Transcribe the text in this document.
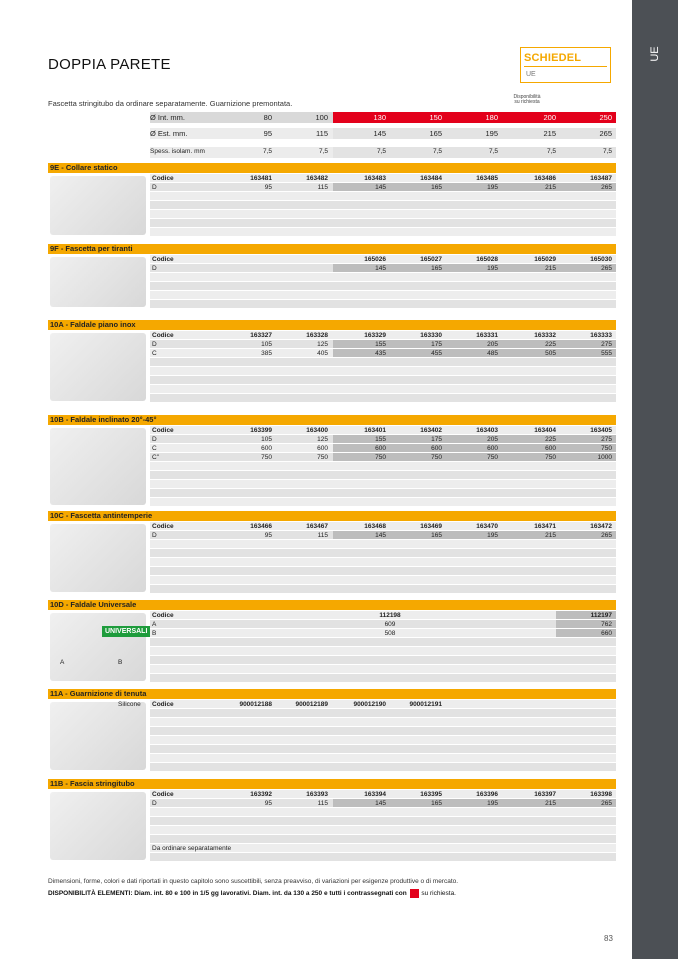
UE
DOPPIA PARETE	SCHIEDEL
UE
Fascetta stringitubo da ordinare separatamente. Guarnizione premontata.
Disponibilità
su richiesta
Ø Int. mm.	80	100	130	150	180	200	250
Ø Est. mm.	95	115	145	165	195	215	265
Spess. isolam. mm	7,5	7,5	7,5	7,5	7,5	7,5	7,5
9E - Collare statico
Codice	163481	163482	163483	163484	163485	163486	163487
D	95	115	145	165	195	215	265
9F - Fascetta per tiranti
Codice	165026	165027	165028	165029	165030
D	145	165	195	215	265
10A - Faldale piano inox
Codice	163327	163328	163329	163330	163331	163332	163333
D	105	125	155	175	205	225	275
C	385	405	435	455	485	505	555
10B - Faldale inclinato 20°-45°
Codice	163399	163400	163401	163402	163403	163404	163405
D	105	125	155	175	205	225	275
C	600	600	600	600	600	600	750
C"	750	750	750	750	750	750	1000
10C - Fascetta antintemperie
Codice	163466	163467	163468	163469	163470	163471	163472
D	95	115	145	165	195	215	265
10D - Faldale Universale
Codice	112198	112197
A	609	762
B	508	660
UNIVERSALI
A	B
11A - Guarnizione di tenuta
Codice	900012188	900012189	900012190	900012191
Silicone
11B - Fascia stringitubo
Codice	163392	163393	163394	163395	163396	163397	163398
D	95	115	145	165	195	215	265
Da ordinare separatamente
Dimensioni, forme, colori e dati riportati in questo capitolo sono suscettibili, senza preavviso, di variazioni per esigenze produttive o di mercato.
DISPONIBILITÀ ELEMENTI: Diam. int. 80 e 100 in 1/5 gg lavorativi. Diam. int. da 130 a 250 e tutti i contrassegnati con su richiesta.
83
